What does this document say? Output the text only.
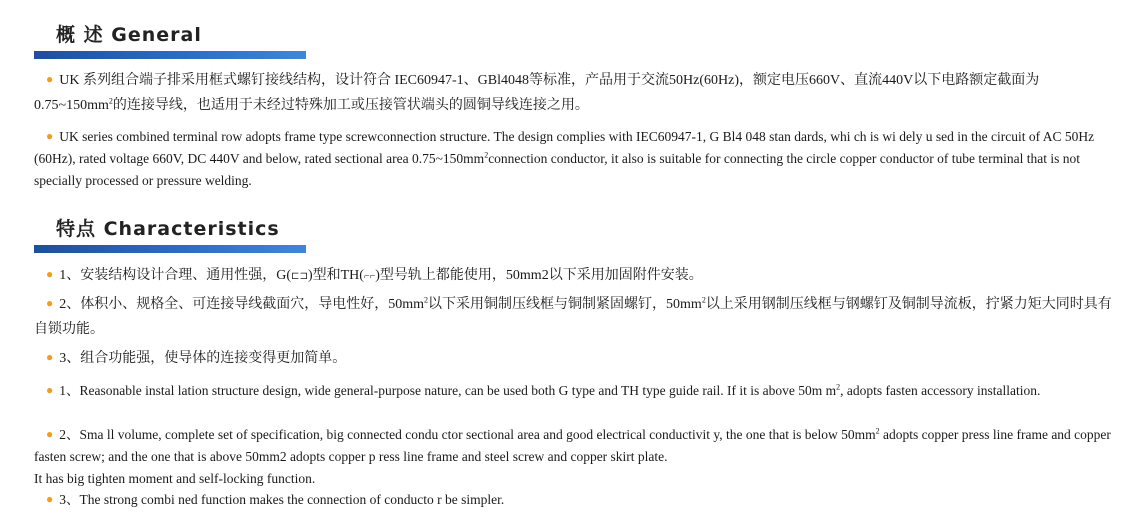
概 述 General

● UK 系列组合端子排采用框式螺钉接线结构，设计符合 IEC60947-1、GBl4048等标准，产品用于交流50Hz(60Hz)，额定电压660V、直流440V以下电路额定截面为$0.75\sim 150mm^2$的连接导线，也适用于未经过特殊加工或压接管状端头的圆铜导线连接之用。

● UK series combined terminal row adopts frame type screwconnection structure. The design complies with IEC60947-1, G Bl4 048 stan dards, whi ch is wi dely u sed in the circuit of AC 50Hz (60Hz), rated voltage 660V, DC 440V and below, rated sectional area $0.75\sim 150mm^2connection$ conductor, it also is suitable for connecting the circle copper conductor of tube terminal that is not specially processed or pressure welding.

特点 Characteristics

● 1、安装结构设计合理、通用性强，G(⊏⊐)型和TH(⌐⌐)型号轨上都能使用，50mm2以下采用加固附件安装。

● 2、体积小、规格全、可连接导线截面穴，导电性好，$50mm^2$以下采用铜制压线框与铜制紧固螺钉，$50mm^2$以上采用钢制压线框与钢螺钉及铜制导流板，拧紧力矩大同时具有自锁功能。

● 3、组合功能强，使导体的连接变得更加简单。

● 1、Reasonable instal lation structure design, wide general-purpose nature, can be used both G type and TH type guide rail. If it is above 50m $m^2$, adopts fasten accessory installation.

● 2、Sma ll volume, complete set of specification, big connected condu ctor sectional area and good electrical conductivit y, the one that is below $50mm^2$ adopts copper press line frame and copper fasten screw; and the one that is above 50mm2 adopts copper p ress line frame and steel screw and copper skirt plate.
It has big tighten moment and self-locking function.

● 3、The strong combi ned function makes the connection of conducto r be simpler.
